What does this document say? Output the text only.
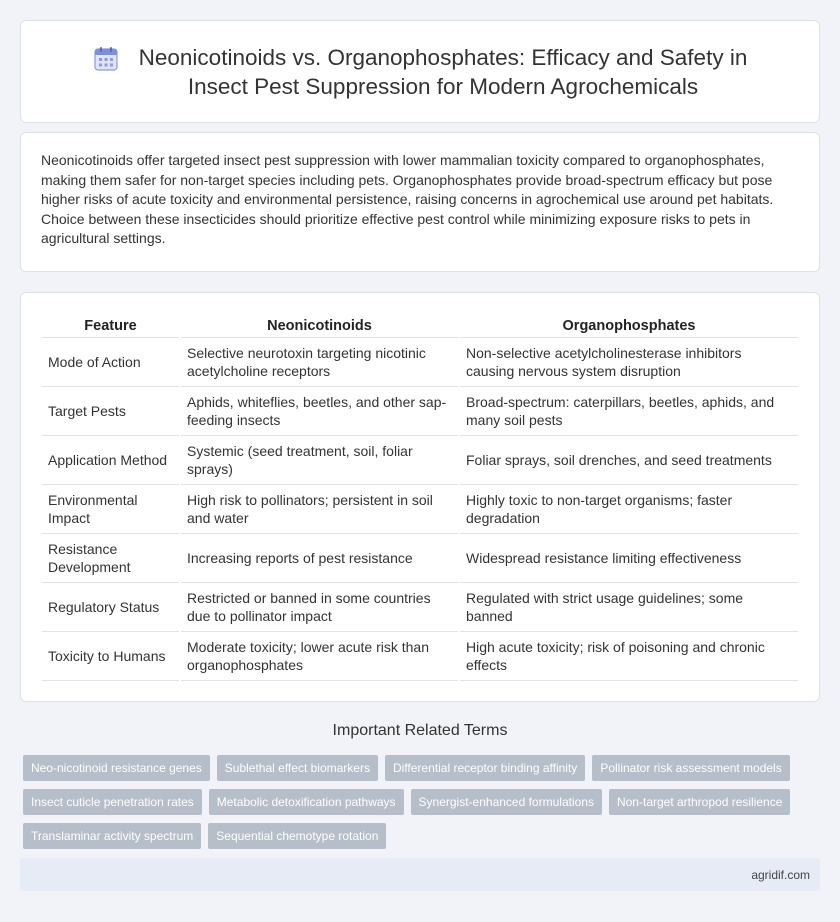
Neonicotinoids vs. Organophosphates: Efficacy and Safety in
Insect Pest Suppression for Modern Agrochemicals

Neonicotinoids offer targeted insect pest suppression with lower mammalian toxicity compared to organophosphates, making them safer for non-target species including pets. Organophosphates provide broad-spectrum efficacy but pose higher risks of acute toxicity and environmental persistence, raising concerns in agrochemical use around pet habitats. Choice between these insecticides should prioritize effective pest control while minimizing exposure risks to pets in agricultural settings.

Feature	Neonicotinoids	Organophosphates
Mode of Action	Selective neurotoxin targeting nicotinic acetylcholine receptors	Non-selective acetylcholinesterase inhibitors causing nervous system disruption
Target Pests	Aphids, whiteflies, beetles, and other sap-feeding insects	Broad-spectrum: caterpillars, beetles, aphids, and many soil pests
Application Method	Systemic (seed treatment, soil, foliar sprays)	Foliar sprays, soil drenches, and seed treatments
Environmental Impact	High risk to pollinators; persistent in soil and water	Highly toxic to non-target organisms; faster degradation
Resistance Development	Increasing reports of pest resistance	Widespread resistance limiting effectiveness
Regulatory Status	Restricted or banned in some countries due to pollinator impact	Regulated with strict usage guidelines; some banned
Toxicity to Humans	Moderate toxicity; lower acute risk than organophosphates	High acute toxicity; risk of poisoning and chronic effects
Important Related Terms
Neo-nicotinoid resistance genes	Sublethal effect biomarkers	Differential receptor binding affinity	Pollinator risk assessment models
Insect cuticle penetration rates	Metabolic detoxification pathways	Synergist-enhanced formulations	Non-target arthropod resilience
Translaminar activity spectrum	Sequential chemotype rotation
agridif.com
